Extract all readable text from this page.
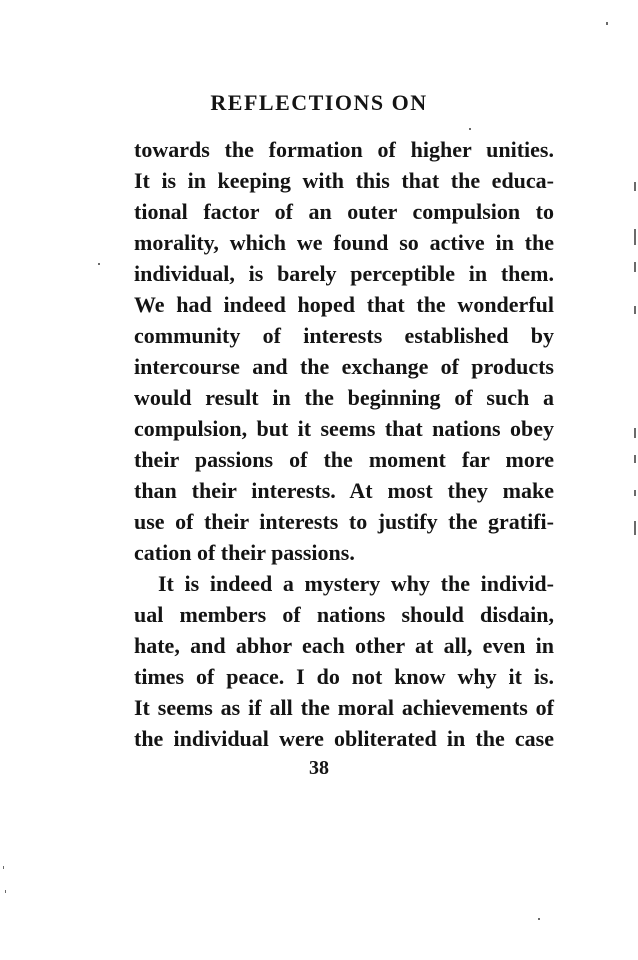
REFLECTIONS ON
towards the formation of higher unities.
It is in keeping with this that the educa-
tional factor of an outer compulsion to
morality, which we found so active in the
individual, is barely perceptible in them.
We had indeed hoped that the wonderful
community of interests established by
intercourse and the exchange of products
would result in the beginning of such a
compulsion, but it seems that nations obey
their passions of the moment far more
than their interests. At most they make
use of their interests to justify the gratifi-
cation of their passions.
It is indeed a mystery why the individ-
ual members of nations should disdain,
hate, and abhor each other at all, even in
times of peace. I do not know why it is.
It seems as if all the moral achievements of
the individual were obliterated in the case
38
